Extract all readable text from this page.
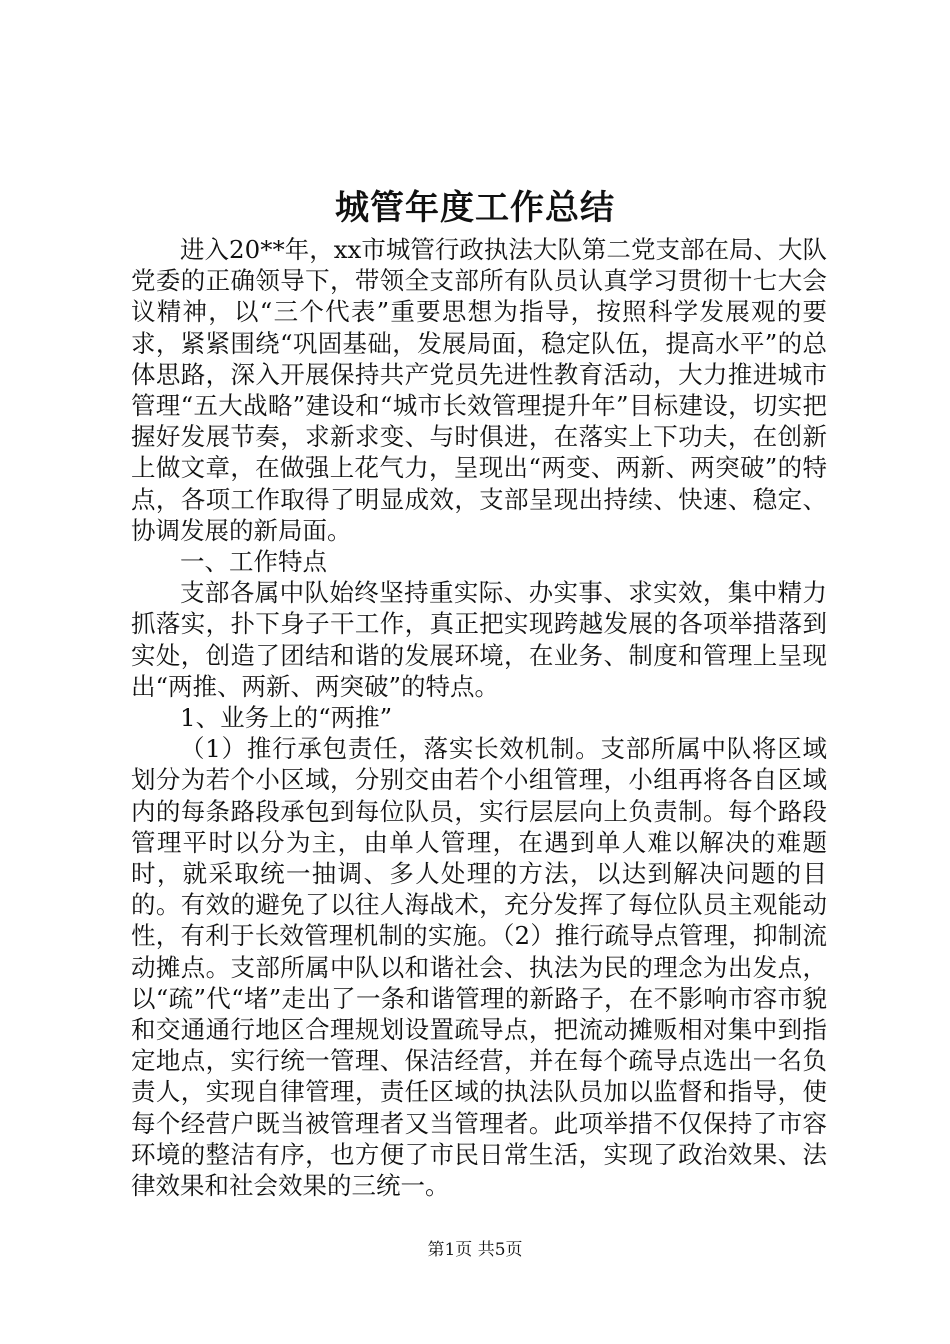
城管年度工作总结

进入20**年，xx市城管行政执法大队第二党支部在局、大队党委的正确领导下，带领全支部所有队员认真学习贯彻十七大会议精神，以“三个代表”重要思想为指导，按照科学发展观的要求，紧紧围绕“巩固基础，发展局面，稳定队伍，提高水平”的总体思路，深入开展保持共产党员先进性教育活动，大力推进城市管理“五大战略”建设和“城市长效管理提升年”目标建设，切实把握好发展节奏，求新求变、与时俱进，在落实上下功夫，在创新上做文章，在做强上花气力，呈现出“两变、两新、两突破”的特点，各项工作取得了明显成效，支部呈现出持续、快速、稳定、协调发展的新局面。

一、工作特点

支部各属中队始终坚持重实际、办实事、求实效，集中精力抓落实，扑下身子干工作，真正把实现跨越发展的各项举措落到实处，创造了团结和谐的发展环境，在业务、制度和管理上呈现出“两推、两新、两突破”的特点。

1、业务上的“两推”

（1）推行承包责任，落实长效机制。支部所属中队将区域划分为若个小区域，分别交由若个小组管理，小组再将各自区域内的每条路段承包到每位队员，实行层层向上负责制。每个路段管理平时以分为主，由单人管理，在遇到单人难以解决的难题时，就采取统一抽调、多人处理的方法，以达到解决问题的目的。有效的避免了以往人海战术，充分发挥了每位队员主观能动性，有利于长效管理机制的实施。（2）推行疏导点管理，抑制流动摊点。支部所属中队以和谐社会、执法为民的理念为出发点，以“疏”代“堵”走出了一条和谐管理的新路子，在不影响市容市貌和交通通行地区合理规划设置疏导点，把流动摊贩相对集中到指定地点，实行统一管理、保洁经营，并在每个疏导点选出一名负责人，实现自律管理，责任区域的执法队员加以监督和指导，使每个经营户既当被管理者又当管理者。此项举措不仅保持了市容环境的整洁有序，也方便了市民日常生活，实现了政治效果、法律效果和社会效果的三统一。

第1页 共5页
